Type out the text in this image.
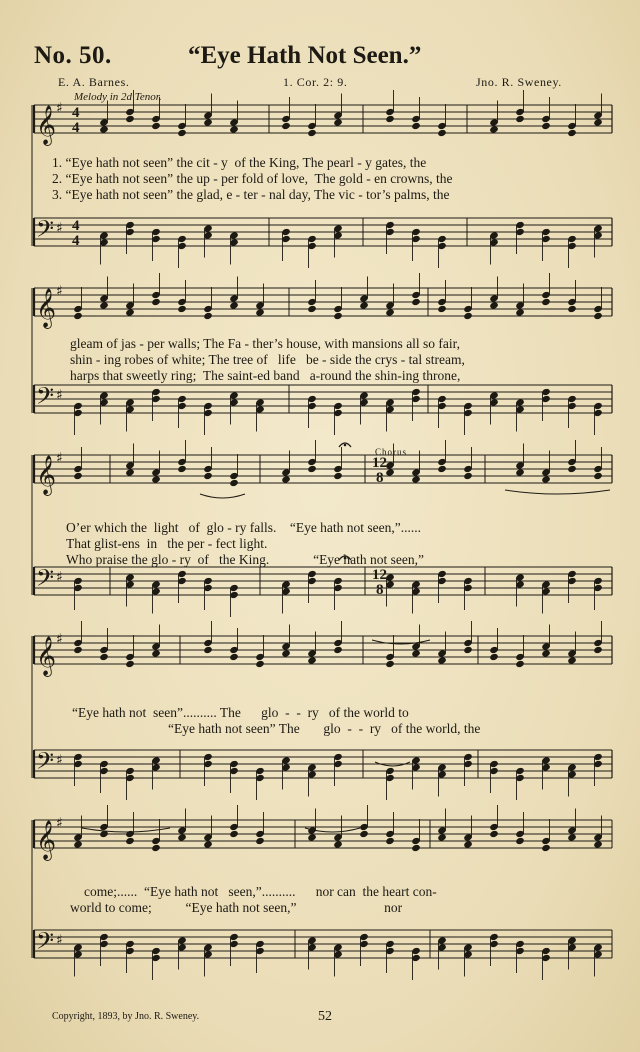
No. 50.	“Eye Hath Not Seen.”
E. A. Barnes.	1. Cor. 2: 9.	Jno. R. Sweney.
Melody in 2d Tenor.
𝄞 ♯
𝄢 ♯
𝄞 ♯
𝄢 ♯
𝄞 ♯
𝄢 ♯
𝄞 ♯
𝄢 ♯
𝄞 ♯
𝄢 ♯
4
4
4
4
12
8
12
8
1. “Eye hath not seen” the cit - y  of the King, The pearl - y gates, the
2. “Eye hath not seen” the up - per fold of love,  The gold - en crowns, the
3. “Eye hath not seen” the glad, e - ter - nal day, The vic - tor’s palms, the
gleam of jas - per walls; The Fa - ther’s house, with mansions all so fair,
shin - ing robes of white; The tree of   life   be - side the crys - tal stream,
harps that sweetly ring;  The saint-ed band   a-round the shin-ing throne,
O’er which the  light   of  glo - ry falls.    “Eye hath not seen,”......
That glist-ens  in   the per - fect light.
Who praise the glo - ry  of   the King.             “Eye hath not seen,”
“Eye hath not  seen”.......... The      glo  -  -  ry   of the world to
“Eye hath not seen” The       glo  -  -  ry   of the world, the
come;......  “Eye hath not   seen,”..........      nor can  the heart con-
world to come;          “Eye hath not seen,”                          nor
Chorus
Copyright, 1893, by Jno. R. Sweney.	52
